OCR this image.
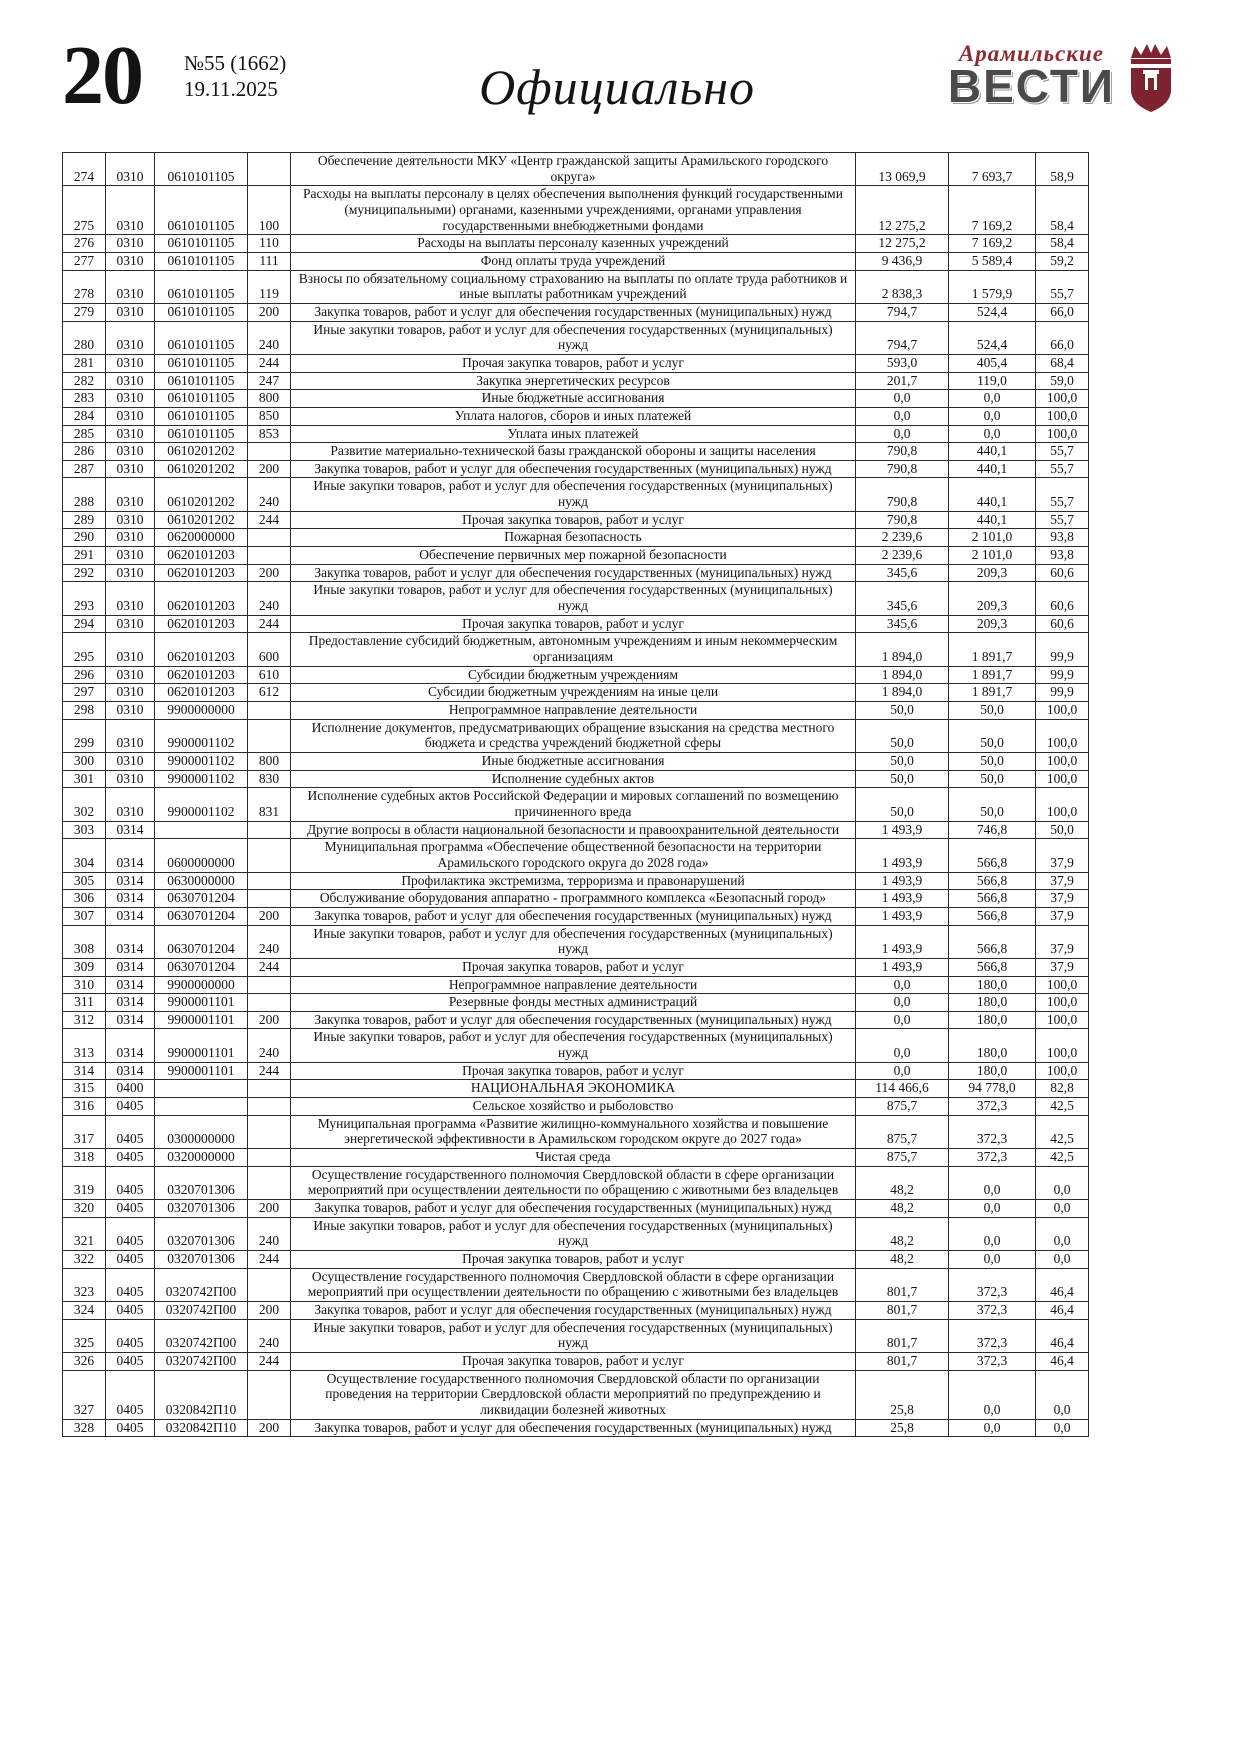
20 №55 (1662)
19.11.2025	Официально
Арамильские
ВЕСТИ
274	0310	0610101105		Обеспечение деятельности МКУ «Центр гражданской защиты Арамильского городского округа»	13 069,9	7 693,7	58,9
275	0310	0610101105	100	Расходы на выплаты персоналу в целях обеспечения выполнения функций государственными (муниципальными) органами, казенными учреждениями, органами управления государственными внебюджетными фондами	12 275,2	7 169,2	58,4
276	0310	0610101105	110	Расходы на выплаты персоналу казенных учреждений	12 275,2	7 169,2	58,4
277	0310	0610101105	111	Фонд оплаты труда учреждений	9 436,9	5 589,4	59,2
278	0310	0610101105	119	Взносы по обязательному социальному страхованию на выплаты по оплате труда работников и иные выплаты работникам учреждений	2 838,3	1 579,9	55,7
279	0310	0610101105	200	Закупка товаров, работ и услуг для обеспечения государственных (муниципальных) нужд	794,7	524,4	66,0
280	0310	0610101105	240	Иные закупки товаров, работ и услуг для обеспечения государственных (муниципальных) нужд	794,7	524,4	66,0
281	0310	0610101105	244	Прочая закупка товаров, работ и услуг	593,0	405,4	68,4
282	0310	0610101105	247	Закупка энергетических ресурсов	201,7	119,0	59,0
283	0310	0610101105	800	Иные бюджетные ассигнования	0,0	0,0	100,0
284	0310	0610101105	850	Уплата налогов, сборов и иных платежей	0,0	0,0	100,0
285	0310	0610101105	853	Уплата иных платежей	0,0	0,0	100,0
286	0310	0610201202		Развитие материально-технической базы гражданской обороны и защиты населения	790,8	440,1	55,7
287	0310	0610201202	200	Закупка товаров, работ и услуг для обеспечения государственных (муниципальных) нужд	790,8	440,1	55,7
288	0310	0610201202	240	Иные закупки товаров, работ и услуг для обеспечения государственных (муниципальных) нужд	790,8	440,1	55,7
289	0310	0610201202	244	Прочая закупка товаров, работ и услуг	790,8	440,1	55,7
290	0310	0620000000		Пожарная безопасность	2 239,6	2 101,0	93,8
291	0310	0620101203		Обеспечение первичных мер пожарной безопасности	2 239,6	2 101,0	93,8
292	0310	0620101203	200	Закупка товаров, работ и услуг для обеспечения государственных (муниципальных) нужд	345,6	209,3	60,6
293	0310	0620101203	240	Иные закупки товаров, работ и услуг для обеспечения государственных (муниципальных) нужд	345,6	209,3	60,6
294	0310	0620101203	244	Прочая закупка товаров, работ и услуг	345,6	209,3	60,6
295	0310	0620101203	600	Предоставление субсидий бюджетным, автономным учреждениям и иным некоммерческим организациям	1 894,0	1 891,7	99,9
296	0310	0620101203	610	Субсидии бюджетным учреждениям	1 894,0	1 891,7	99,9
297	0310	0620101203	612	Субсидии бюджетным учреждениям на иные цели	1 894,0	1 891,7	99,9
298	0310	9900000000		Непрограммное направление деятельности	50,0	50,0	100,0
299	0310	9900001102		Исполнение документов, предусматривающих обращение взыскания на средства местного бюджета и средства учреждений бюджетной сферы	50,0	50,0	100,0
300	0310	9900001102	800	Иные бюджетные ассигнования	50,0	50,0	100,0
301	0310	9900001102	830	Исполнение судебных актов	50,0	50,0	100,0
302	0310	9900001102	831	Исполнение судебных актов Российской Федерации и мировых соглашений по возмещению причиненного вреда	50,0	50,0	100,0
303	0314			Другие вопросы в области национальной безопасности и правоохранительной деятельности	1 493,9	746,8	50,0
304	0314	0600000000		Муниципальная программа «Обеспечение общественной безопасности на территории Арамильского городского округа до 2028 года»	1 493,9	566,8	37,9
305	0314	0630000000		Профилактика экстремизма, терроризма и правонарушений	1 493,9	566,8	37,9
306	0314	0630701204		Обслуживание оборудования аппаратно - программного комплекса «Безопасный город»	1 493,9	566,8	37,9
307	0314	0630701204	200	Закупка товаров, работ и услуг для обеспечения государственных (муниципальных) нужд	1 493,9	566,8	37,9
308	0314	0630701204	240	Иные закупки товаров, работ и услуг для обеспечения государственных (муниципальных) нужд	1 493,9	566,8	37,9
309	0314	0630701204	244	Прочая закупка товаров, работ и услуг	1 493,9	566,8	37,9
310	0314	9900000000		Непрограммное направление деятельности	0,0	180,0	100,0
311	0314	9900001101		Резервные фонды местных администраций	0,0	180,0	100,0
312	0314	9900001101	200	Закупка товаров, работ и услуг для обеспечения государственных (муниципальных) нужд	0,0	180,0	100,0
313	0314	9900001101	240	Иные закупки товаров, работ и услуг для обеспечения государственных (муниципальных) нужд	0,0	180,0	100,0
314	0314	9900001101	244	Прочая закупка товаров, работ и услуг	0,0	180,0	100,0
315	0400			НАЦИОНАЛЬНАЯ ЭКОНОМИКА	114 466,6	94 778,0	82,8
316	0405			Сельское хозяйство и рыболовство	875,7	372,3	42,5
317	0405	0300000000		Муниципальная программа «Развитие жилищно-коммунального хозяйства и повышение энергетической эффективности в Арамильском городском округе до 2027 года»	875,7	372,3	42,5
318	0405	0320000000		Чистая среда	875,7	372,3	42,5
319	0405	0320701306		Осуществление государственного полномочия Свердловской области в сфере организации мероприятий при осуществлении деятельности по обращению с животными без владельцев	48,2	0,0	0,0
320	0405	0320701306	200	Закупка товаров, работ и услуг для обеспечения государственных (муниципальных) нужд	48,2	0,0	0,0
321	0405	0320701306	240	Иные закупки товаров, работ и услуг для обеспечения государственных (муниципальных) нужд	48,2	0,0	0,0
322	0405	0320701306	244	Прочая закупка товаров, работ и услуг	48,2	0,0	0,0
323	0405	0320742П00		Осуществление государственного полномочия Свердловской области в сфере организации мероприятий при осуществлении деятельности по обращению с животными без владельцев	801,7	372,3	46,4
324	0405	0320742П00	200	Закупка товаров, работ и услуг для обеспечения государственных (муниципальных) нужд	801,7	372,3	46,4
325	0405	0320742П00	240	Иные закупки товаров, работ и услуг для обеспечения государственных (муниципальных) нужд	801,7	372,3	46,4
326	0405	0320742П00	244	Прочая закупка товаров, работ и услуг	801,7	372,3	46,4
327	0405	0320842П10		Осуществление государственного полномочия Свердловской области по организации проведения на территории Свердловской области мероприятий по предупреждению и ликвидации болезней животных	25,8	0,0	0,0
328	0405	0320842П10	200	Закупка товаров, работ и услуг для обеспечения государственных (муниципальных) нужд	25,8	0,0	0,0
